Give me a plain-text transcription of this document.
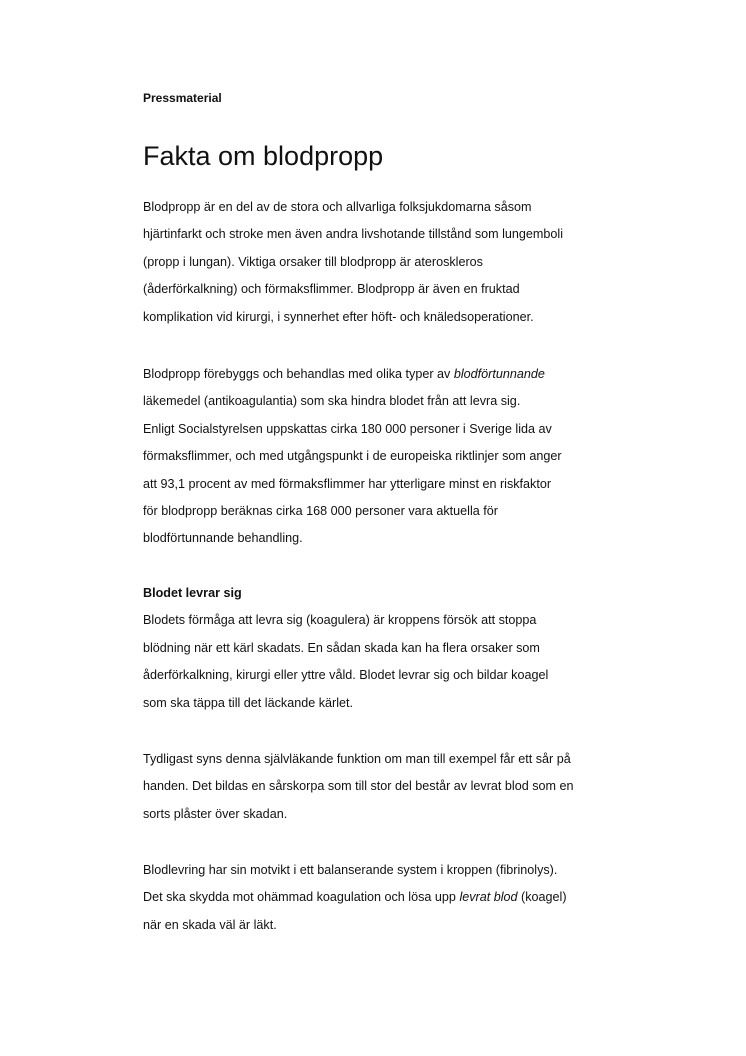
Pressmaterial
Fakta om blodpropp
Blodpropp är en del av de stora och allvarliga folksjukdomarna såsom
hjärtinfarkt och stroke men även andra livshotande tillstånd som lungemboli
(propp i lungan). Viktiga orsaker till blodpropp är ateroskleros
(åderförkalkning) och förmaksflimmer. Blodpropp är även en fruktad
komplikation vid kirurgi, i synnerhet efter höft- och knäledsoperationer.
Blodpropp förebyggs och behandlas med olika typer av blodförtunnande
läkemedel (antikoagulantia) som ska hindra blodet från att levra sig.
Enligt Socialstyrelsen uppskattas cirka 180 000 personer i Sverige lida av
förmaksflimmer, och med utgångspunkt i de europeiska riktlinjer som anger
att 93,1 procent av med förmaksflimmer har ytterligare minst en riskfaktor
för blodpropp beräknas cirka 168 000 personer vara aktuella för
blodförtunnande behandling.
Blodet levrar sig
Blodets förmåga att levra sig (koagulera) är kroppens försök att stoppa
blödning när ett kärl skadats. En sådan skada kan ha flera orsaker som
åderförkalkning, kirurgi eller yttre våld. Blodet levrar sig och bildar koagel
som ska täppa till det läckande kärlet.
Tydligast syns denna självläkande funktion om man till exempel får ett sår på
handen. Det bildas en sårskorpa som till stor del består av levrat blod som en
sorts plåster över skadan.
Blodlevring har sin motvikt i ett balanserande system i kroppen (fibrinolys).
Det ska skydda mot ohämmad koagulation och lösa upp levrat blod (koagel)
när en skada väl är läkt.
